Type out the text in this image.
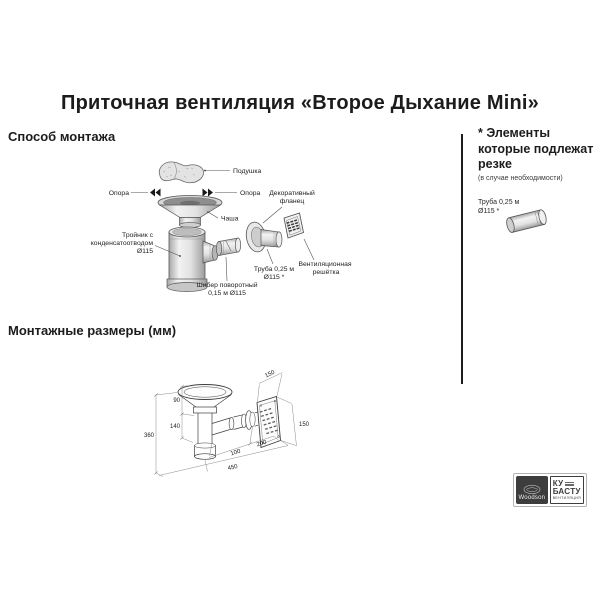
Приточная вентиляция «Второе Дыхание Mini»
Способ монтажа
Подушка
Опора	Опора
Чаша
Тройник с
конденсатоотводом
Ø115
Шибер поворотный
0,15 м Ø115
Декоративный
фланец
Труба 0,25 м
Ø115 *
Вентиляционная
решётка
* Элементы которые подлежат резке
(в случае необходимости)
Труба 0,25 м
Ø115 *
Монтажные размеры (мм)
360
90
140
150
150
100
200
450
Woodson
КУ
БАСТУ
ВЕНТИЛЯЦИЯ
